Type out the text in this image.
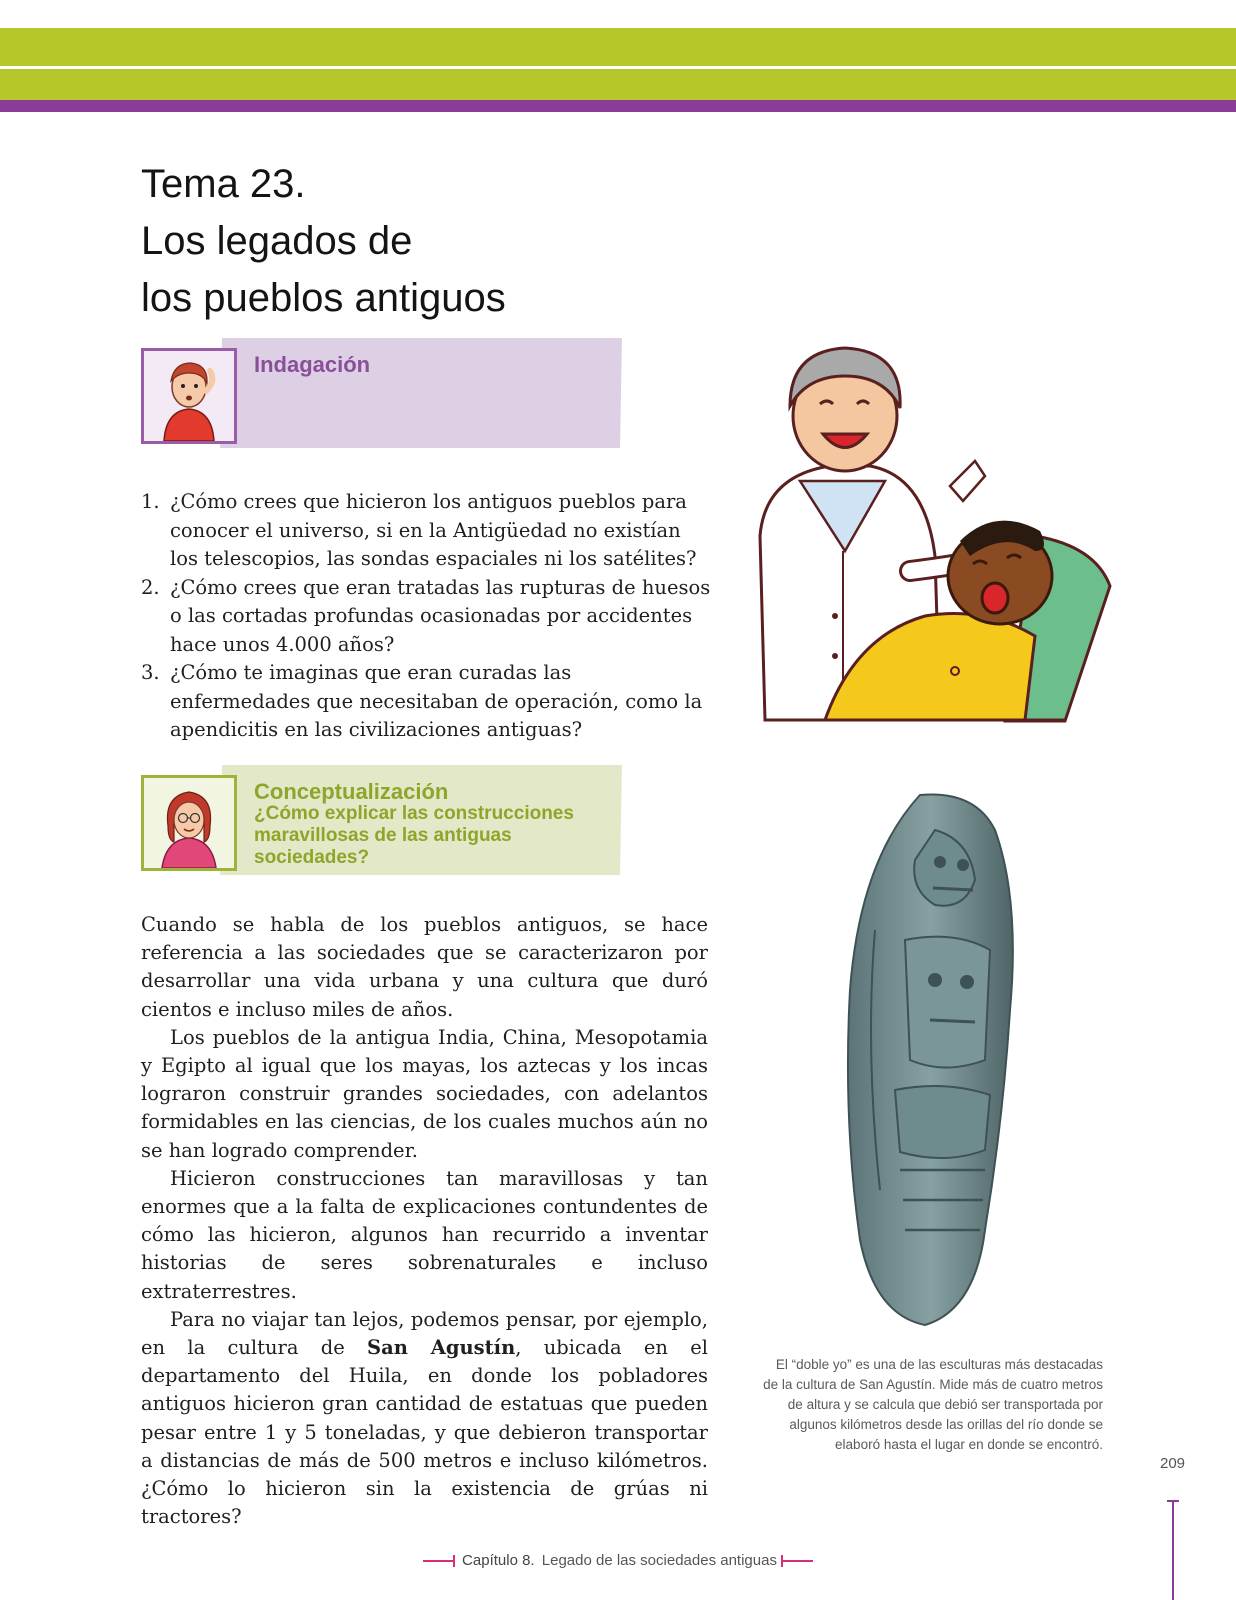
Tema 23.
Los legados de
los pueblos antiguos
Indagación
1. ¿Cómo crees que hicieron los antiguos pueblos para conocer el universo, si en la Antigüedad no existían los telescopios, las sondas espaciales ni los satélites?
2. ¿Cómo crees que eran tratadas las rupturas de huesos o las cortadas profundas ocasionadas por accidentes hace unos 4.000 años?
3. ¿Cómo te imaginas que eran curadas las enfermedades que necesitaban de operación, como la apendicitis en las civilizaciones antiguas?
Conceptualización
¿Cómo explicar las construcciones maravillosas de las antiguas sociedades?

Cuando se habla de los pueblos antiguos, se hace referencia a las sociedades que se caracterizaron por desarrollar una vida urbana y una cultura que duró cientos e incluso miles de años.

Los pueblos de la antigua India, China, Mesopotamia y Egipto al igual que los mayas, los aztecas y los incas lograron construir grandes sociedades, con adelantos formidables en las ciencias, de los cuales muchos aún no se han logrado comprender.

Hicieron construcciones tan maravillosas y tan enormes que a la falta de explicaciones contundentes de cómo las hicieron, algunos han recurrido a inventar historias de seres sobrenaturales e incluso extraterrestres.

Para no viajar tan lejos, podemos pensar, por ejemplo, en la cultura de San Agustín, ubicada en el departamento del Huila, en donde los pobladores antiguos hicieron gran cantidad de estatuas que pueden pesar entre 1 y 5 toneladas, y que debieron transportar a distancias de más de 500 metros e incluso kilómetros. ¿Cómo lo hicieron sin la existencia de grúas ni tractores?

El “doble yo” es una de las esculturas más destacadas de la cultura de San Agustín. Mide más de cuatro metros de altura y se calcula que debió ser transportada por algunos kilómetros desde las orillas del río donde se elaboró hasta el lugar en donde se encontró.
209
Capítulo 8. Legado de las sociedades antiguas
